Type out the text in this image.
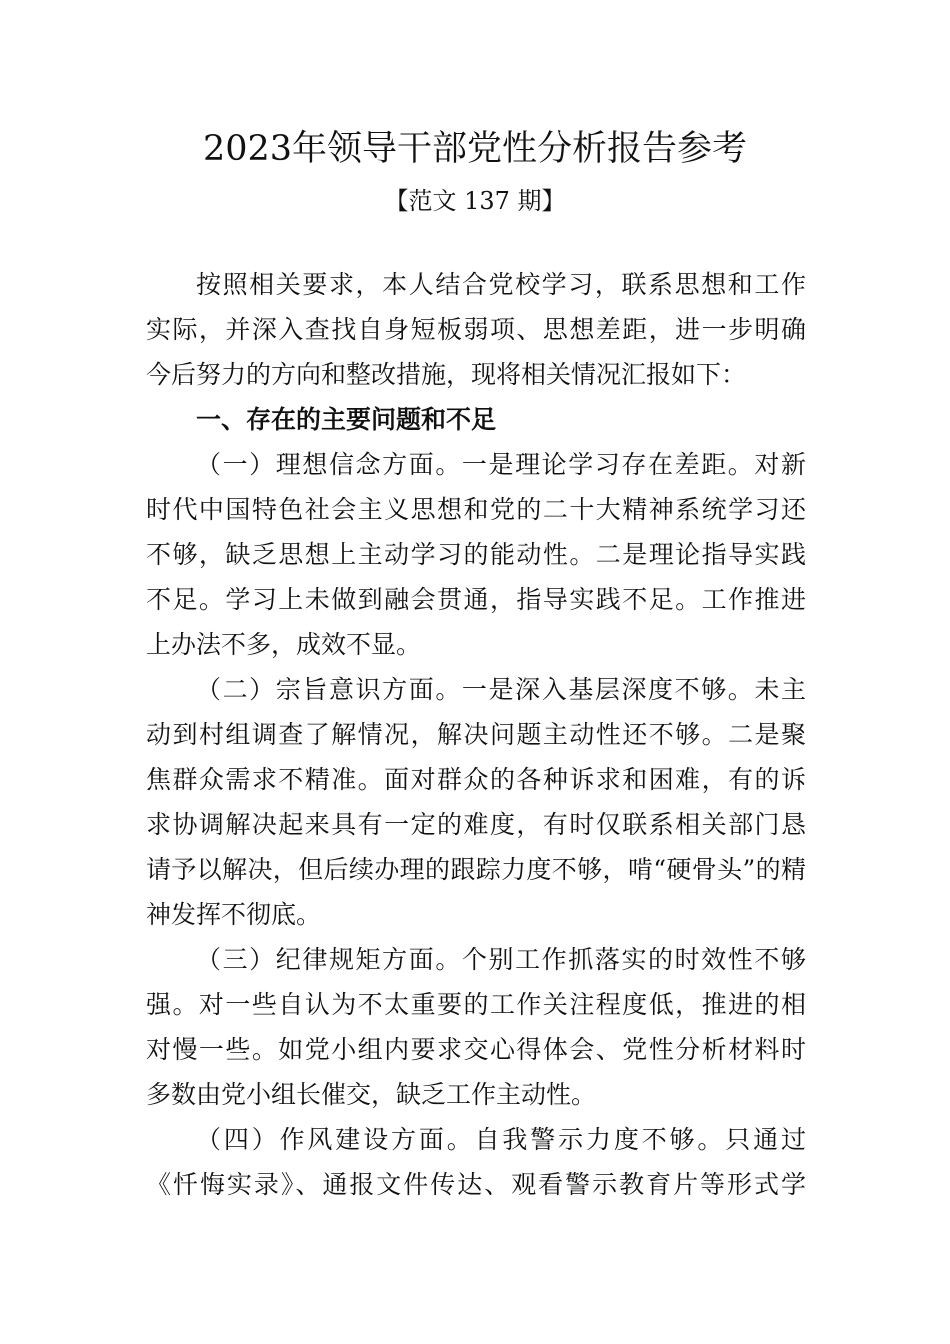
2023年领导干部党性分析报告参考
【范文 137 期】
按照相关要求，本人结合党校学习，联系思想和工作
实际，并深入查找自身短板弱项、思想差距，进一步明确
今后努力的方向和整改措施，现将相关情况汇报如下：
一、存在的主要问题和不足
（一）理想信念方面。一是理论学习存在差距。对新
时代中国特色社会主义思想和党的二十大精神系统学习还
不够，缺乏思想上主动学习的能动性。二是理论指导实践
不足。学习上未做到融会贯通，指导实践不足。工作推进
上办法不多，成效不显。
（二）宗旨意识方面。一是深入基层深度不够。未主
动到村组调查了解情况，解决问题主动性还不够。二是聚
焦群众需求不精准。面对群众的各种诉求和困难，有的诉
求协调解决起来具有一定的难度，有时仅联系相关部门恳
请予以解决，但后续办理的跟踪力度不够，啃“硬骨头”的精
神发挥不彻底。
（三）纪律规矩方面。个别工作抓落实的时效性不够
强。对一些自认为不太重要的工作关注程度低，推进的相
对慢一些。如党小组内要求交心得体会、党性分析材料时
多数由党小组长催交，缺乏工作主动性。
（四）作风建设方面。自我警示力度不够。只通过
《忏悔实录》、通报文件传达、观看警示教育片等形式学
